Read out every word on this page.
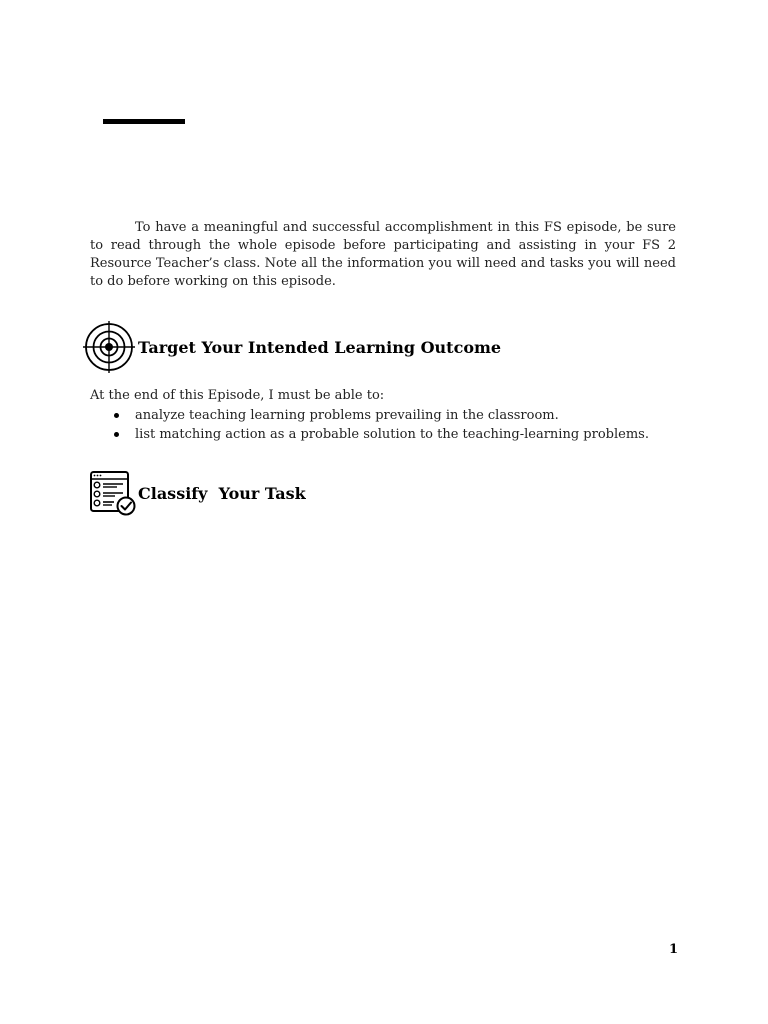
To have a meaningful and successful accomplishment in this FS episode, be sure to read through the whole episode before participating and assisting in your FS 2 Resource Teacher’s class. Note all the information you will need and tasks you will need to do before working on this episode.

Target Your Intended Learning Outcome

At the end of this Episode, I must be able to:

analyze teaching learning problems prevailing in the classroom.
list matching action as a probable solution to the teaching-learning problems.
Classify  Your Task
1
